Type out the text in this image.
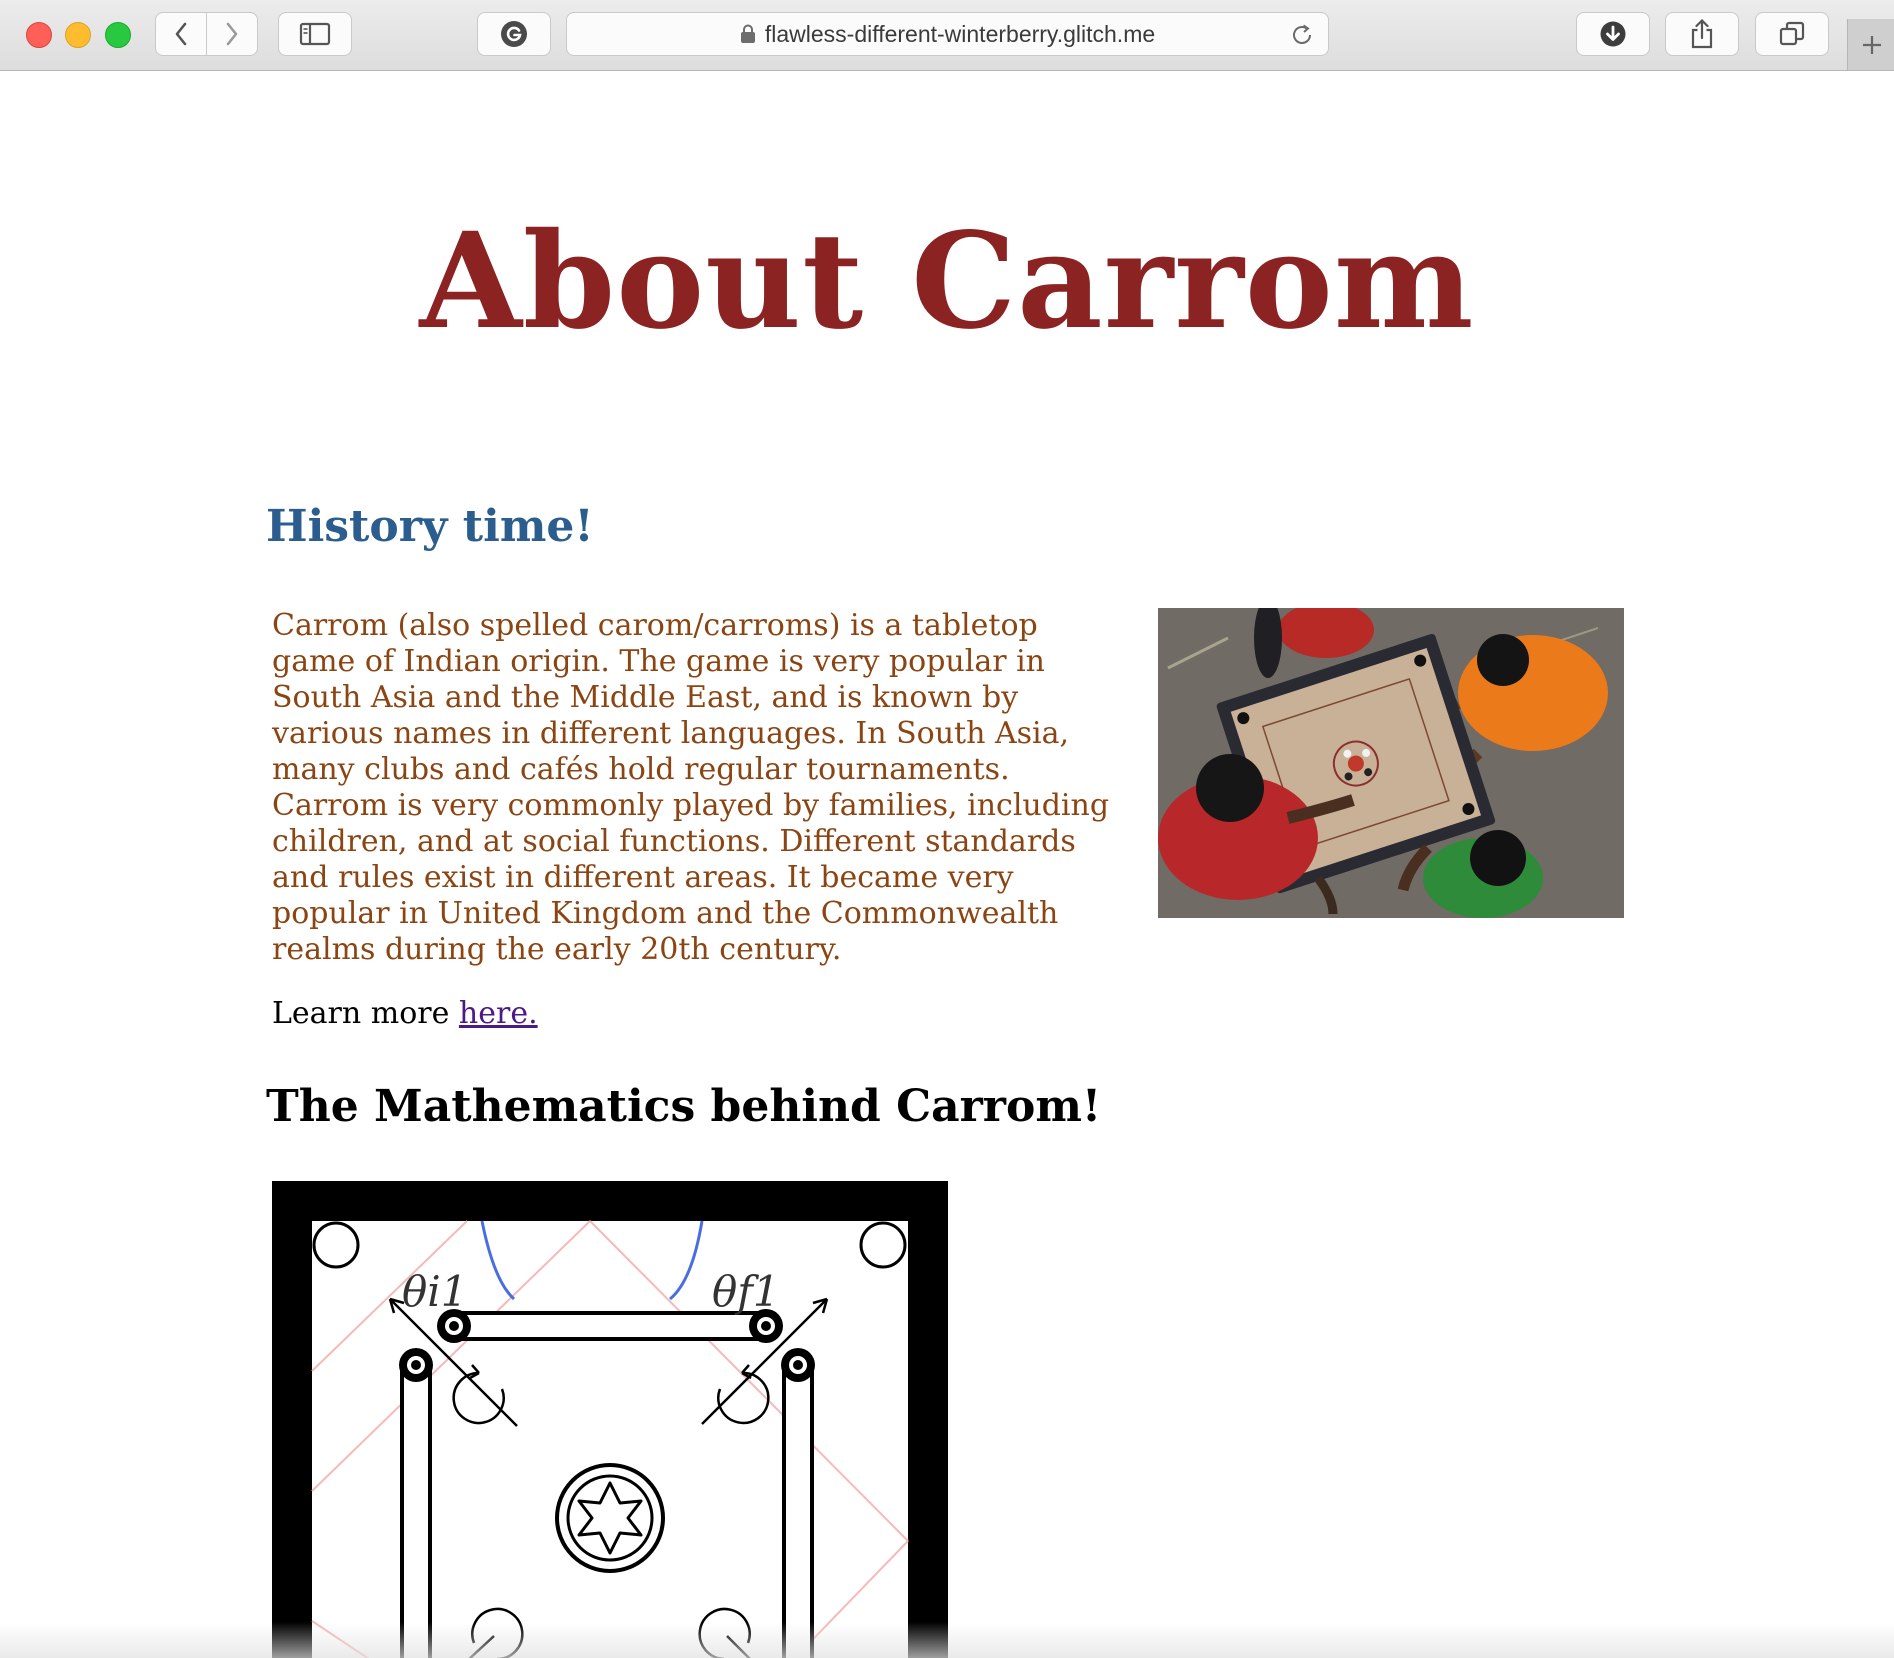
flawless-different-winterberry.glitch.me
About Carrom
History time!

Carrom (also spelled carom/carroms) is a tabletop game of Indian origin. The game is very popular in South Asia and the Middle East, and is known by various names in different languages. In South Asia, many clubs and cafés hold regular tournaments. Carrom is very commonly played by families, including children, and at social functions. Different standards and rules exist in different areas. It became very popular in United Kingdom and the Commonwealth realms during the early 20th century.

Learn more here.

The Mathematics behind Carrom!
θi1	θf1
